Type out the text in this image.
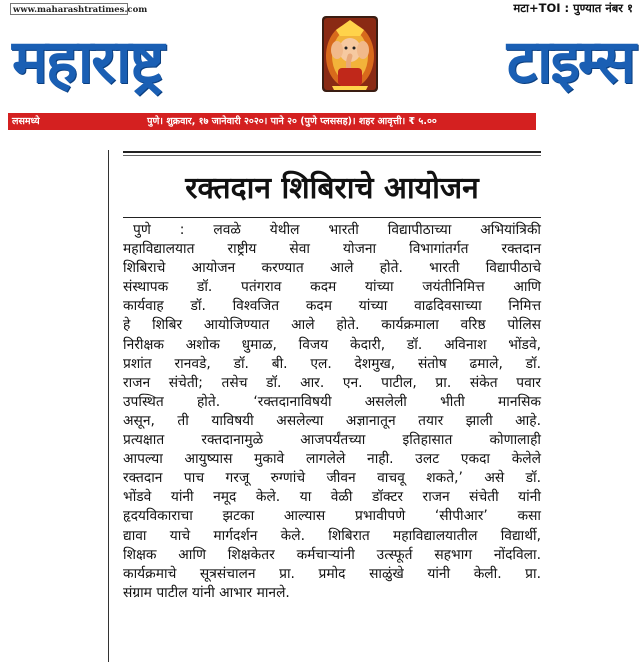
www.maharashtratimes.com	मटा+TOI : पुण्यात नंबर १
महाराष्ट्र	टाइम्स
लसमध्ये	पुणे। शुक्रवार, १७ जानेवारी २०२०। पाने २० (पुणे प्लससह)। शहर आवृत्ती। ₹ ५.००
रक्तदान शिबिराचे आयोजन
पुणे : लवळे येथील भारती विद्यापीठाच्या अभियांत्रिकी
महाविद्यालयात राष्ट्रीय सेवा योजना विभागांतर्गत रक्तदान
शिबिराचे आयोजन करण्यात आले होते. भारती विद्यापीठाचे
संस्थापक डॉ. पतंगराव कदम यांच्या जयंतीनिमित्त आणि
कार्यवाह डॉ. विश्वजित कदम यांच्या वाढदिवसाच्या निमित्त
हे शिबिर आयोजिण्यात आले होते. कार्यक्रमाला वरिष्ठ पोलिस
निरीक्षक अशोक धुमाळ, विजय केदारी, डॉ. अविनाश भोंडवे,
प्रशांत रानवडे, डॉ. बी. एल. देशमुख, संतोष ढमाले, डॉ.
राजन संचेती; तसेच डॉ. आर. एन. पाटील, प्रा. संकेत पवार
उपस्थित होते. ‘रक्तदानाविषयी असलेली भीती मानसिक
असून, ती याविषयी असलेल्या अज्ञानातून तयार झाली आहे.
प्रत्यक्षात रक्तदानामुळे आजपर्यंतच्या इतिहासात कोणालाही
आपल्या आयुष्यास मुकावे लागलेले नाही. उलट एकदा केलेले
रक्तदान पाच गरजू रुग्णांचे जीवन वाचवू शकते,’ असे डॉ.
भोंडवे यांनी नमूद केले. या वेळी डॉक्टर राजन संचेती यांनी
हृदयविकाराचा झटका आल्यास प्रभावीपणे ‘सीपीआर’ कसा
द्यावा याचे मार्गदर्शन केले. शिबिरात महाविद्यालयातील विद्यार्थी,
शिक्षक आणि शिक्षकेतर कर्मचाऱ्यांनी उत्स्फूर्त सहभाग नोंदविला.
कार्यक्रमाचे सूत्रसंचालन प्रा. प्रमोद साळुंखे यांनी केली. प्रा.
संग्राम पाटील यांनी आभार मानले.
